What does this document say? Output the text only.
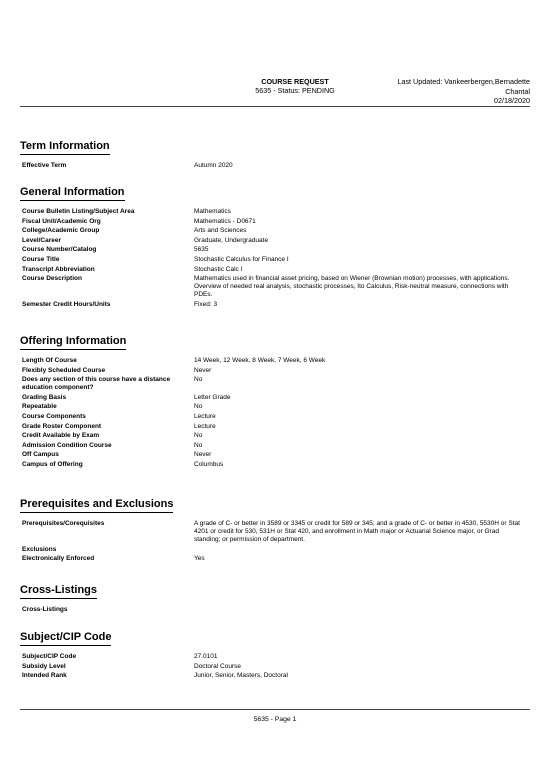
COURSE REQUEST
5635 - Status: PENDING
Last Updated: Vankeerbergen,Bernadette
Chantal
02/18/2020
Term Information
Effective Term	Autumn 2020
General Information
Course Bulletin Listing/Subject Area	Mathematics
Fiscal Unit/Academic Org	Mathematics - D0671
College/Academic Group	Arts and Sciences
Level/Career	Graduate, Undergraduate
Course Number/Catalog	5635
Course Title	Stochastic Calculus for Finance I
Transcript Abbreviation	Stochastic Calc I
Course Description	Mathematics used in financial asset pricing, based on Wiener (Brownian motion) processes, with applications. Overview of needed real analysis, stochastic processes, Ito Calculus, Risk-neutral measure, connections with PDEs.
Semester Credit Hours/Units	Fixed: 3
Offering Information
Length Of Course	14 Week, 12 Week, 8 Week, 7 Week, 6 Week
Flexibly Scheduled Course	Never
Does any section of this course have a distance education component?
No
Grading Basis	Letter Grade
Repeatable	No
Course Components	Lecture
Grade Roster Component	Lecture
Credit Available by Exam	No
Admission Condition Course	No
Off Campus	Never
Campus of Offering	Columbus
Prerequisites and Exclusions
Prerequisites/Corequisites	A grade of C- or better in 3589 or 3345 or credit for 589 or 345; and a grade of C- or better in 4530, 5530H or Stat 4201 or credit for 530, 531H or Stat 420, and enrollment in Math major or Actuarial Science major, or Grad standing; or permission of department.
Exclusions
Electronically Enforced	Yes
Cross-Listings
Cross-Listings
Subject/CIP Code
Subject/CIP Code	27.0101
Subsidy Level	Doctoral Course
Intended Rank	Junior, Senior, Masters, Doctoral
5635 - Page 1
